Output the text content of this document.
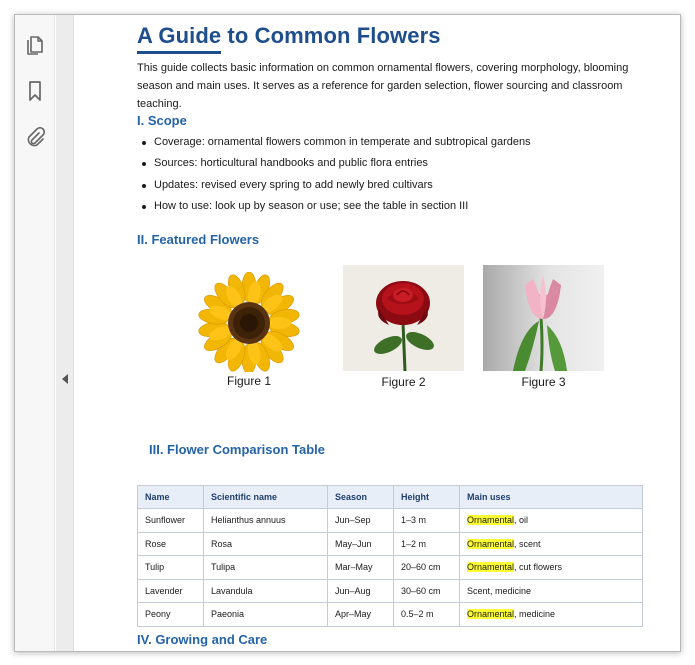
A Guide to Common Flowers

This guide collects basic information on common ornamental flowers, covering morphology, blooming season and main uses. It serves as a reference for garden selection, flower sourcing and classroom teaching.

I. Scope
Coverage: ornamental flowers common in temperate and subtropical gardens
Sources: horticultural handbooks and public flora entries
Updates: revised every spring to add newly bred cultivars
How to use: look up by season or use; see the table in section III
II. Featured Flowers
Figure 1	Figure 2	Figure 3
III. Flower Comparison Table
Name	Scientific name	Season	Height	Main uses
Sunflower	Helianthus annuus	Jun–Sep	1–3 m	Ornamental, oil
Rose	Rosa	May–Jun	1–2 m	Ornamental, scent
Tulip	Tulipa	Mar–May	20–60 cm	Ornamental, cut flowers
Lavender	Lavandula	Jun–Aug	30–60 cm	Scent, medicine
Peony	Paeonia	Apr–May	0.5–2 m	Ornamental, medicine
IV. Growing and Care
